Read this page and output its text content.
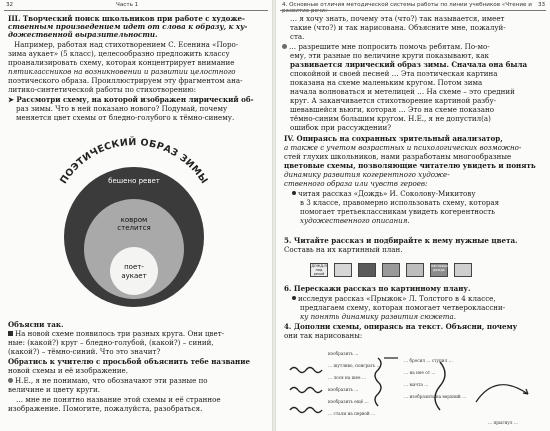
32	Часть 1
III. Творческий поиск школьников при работе с художе-
ственным произведением идет от слова к образу, к ху-
дожественной выразительности.
Например, работая над стихотворением С. Есенина «Поро-
зима аукает» (5 класс), целесообразно предложить классу
проанализировать схему, которая концентрирует внимание
пятиклассников на возникновении и развитии целостного
поэтического образа. Проиллюстрируем эту фрагментом ана-
литико-синтетической работы по стихотворению:
➤ Рассмотри схему, на которой изображен лирический об-
раз зимы. Что в ней показано нового? Подумай, почему
меняется цвет схемы от бледно-голубого к тёмно-синему.
ПОЭТИЧЕСКИЙ ОБРАЗ ЗИМЫ
бешено ревет
ковром
стелится
поет-
аукает
Объясни так.
На новой схеме появилось три разных круга. Они цвет-
ные: (какой?) круг – бледно-голубой, (какой?) – синий,
(какой?) – тёмно-синий. Что это значит?
Обратись к учителю с просьбой объяснить тебе название
новой схемы и её изображение.
Н.Е., я не понимаю, что обозначают эти разные по
величине и цвету круги.
… мне не понятно название этой схемы и её странное
изображение. Помогите, пожалуйста, разобраться.
4. Основные отличия методической системы работы по линии учебников «Чтение и развитие речи»
33
… я хочу знать, почему эта (что?) так называется, имеет
такие (что?) и так нарисована. Объясните мне, пожалуй-
ста.
… разрешите мне попросить помочь ребятам. По-мо-
ему, эти разные по величине круги показывают, как
развивается лирический образ зимы. Сначала она была
спокойной и своей песней … Эта поэтическая картина
показана на схеме маленьким кругом. Потом зима
начала волноваться и метелицей … На схеме – это средний
круг. А заканчивается стихотворение картиной разбу-
шевавшейся вьюги, которая … Это на схеме показано
тёмно-синим большим кругом. Н.Е., я не допустил(а)
ошибок при рассуждении?
IV. Опираясь на сохранных зрительный анализатор,
а также с учетом возрастных и психологических возможно-
стей глухих школьников, нами разработаны многообразные
цветовые схемы, позволяющие читателю увидеть и понять
динамику развития когерентного художе-
ственного образа или чувств героев:
читая рассказ «Дождь» И. Соколову-Микитову
в 3 классе, правомерно использовать схему, которая
помогает третьеклассникам увидеть когерентность
художественного описания.
5. Читайте рассказ и подбирайте к нему нужные цвета.
Составь на их картинный план.
ДОЖД-Я над рекой
настоящий дождь
6. Перескажи рассказ по картинному плану.
исследуя рассказ «Прыжок» Л. Толстого в 4 классе,
предлагаем схему, которая помогает четвероклассни-
ку понять динамику развития сюжета.
4. Дополни схемы, опираясь на текст. Объясни, почему
они так нарисованы:
изобразить …
… шутливо, поиграть …
… лося на шее …
изобразить …
изобразить ещё …
… стали на первой …
… бросил … ступил …
… на нее от …
… мачта …
… изобразить на верхний …
… прыгнул …
